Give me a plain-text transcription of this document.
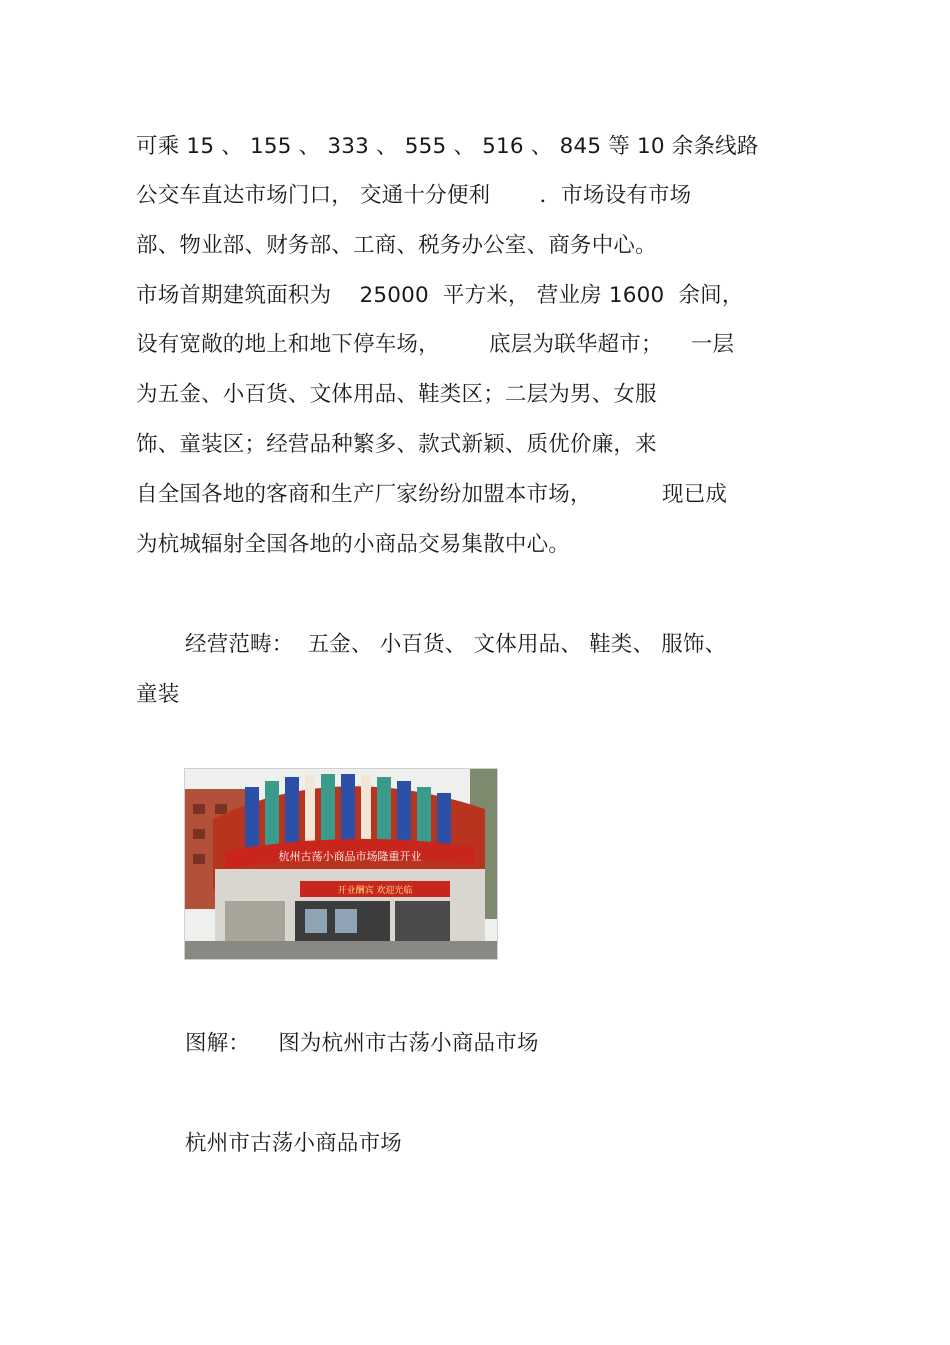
可乘 15 、 155 、 333 、 555 、 516 、 845 等 10 余条线路
公交车直达市场门口， 交通十分便利       ．市场设有市场
部、物业部、财务部、工商、税务办公室、商务中心。
市场首期建筑面积为    25000  平方米， 营业房 1600  余间，
设有宽敞的地上和地下停车场，       底层为联华超市；    一层
为五金、小百货、文体用品、鞋类区；二层为男、女服
饰、童装区；经营品种繁多、款式新颖、质优价廉，来
自全国各地的客商和生产厂家纷纷加盟本市场，          现已成
为杭城辐射全国各地的小商品交易集散中心。
经营范畴：  五金、 小百货、 文体用品、 鞋类、 服饰、
童装
杭州古荡小商品市场隆重开业
开业酬宾 欢迎光临
图解：    图为杭州市古荡小商品市场
杭州市古荡小商品市场
